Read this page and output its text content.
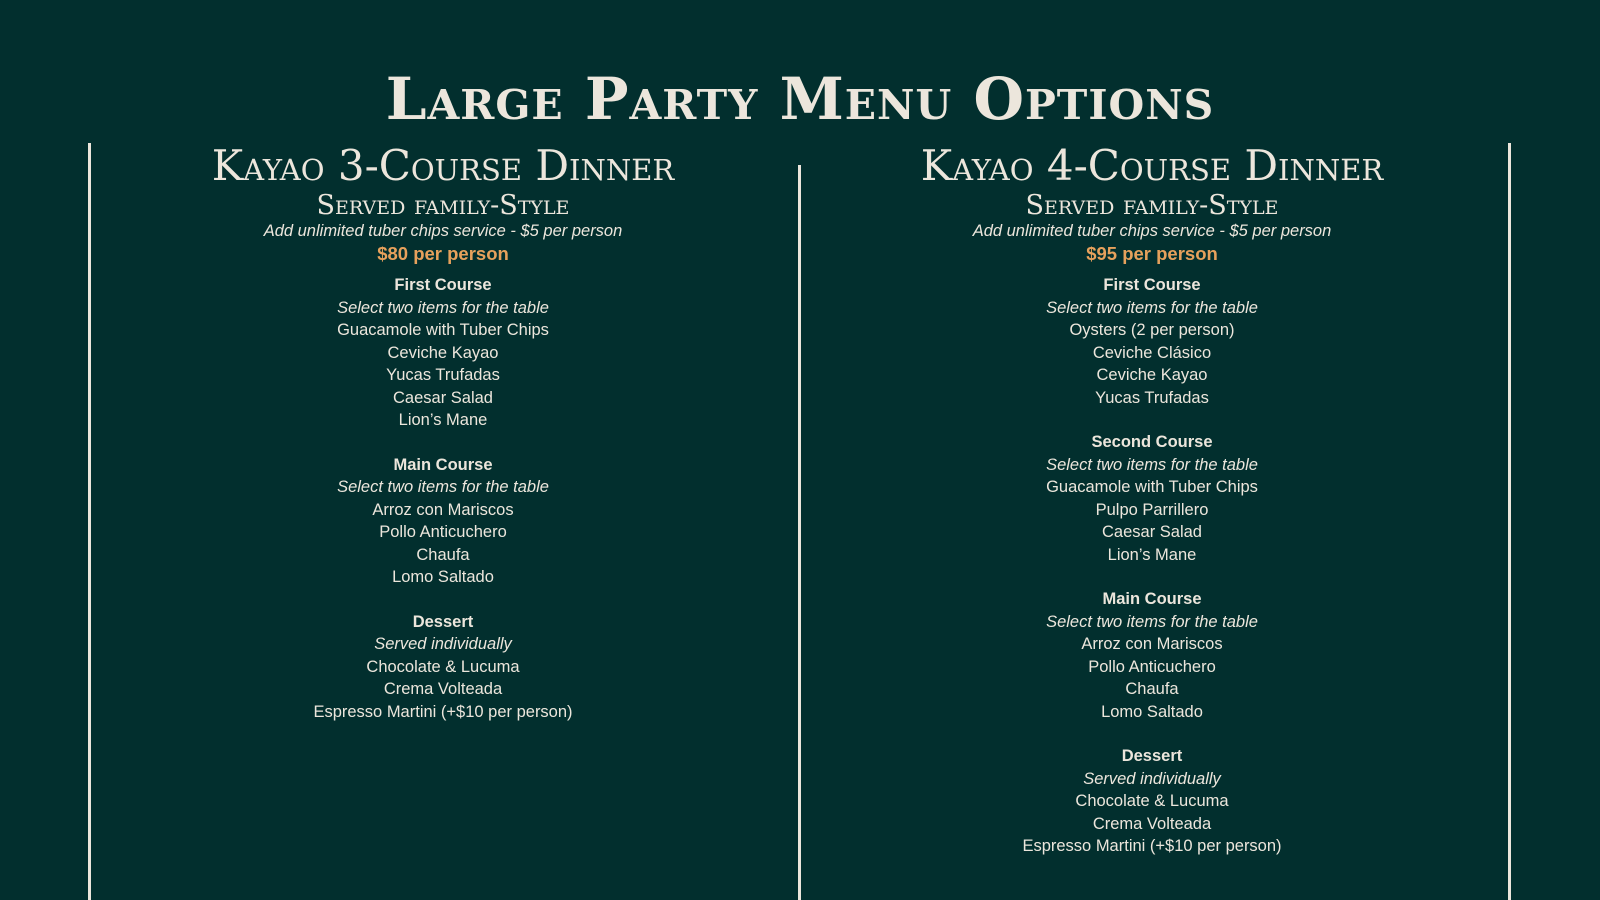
Large Party Menu Options
Kayao 3-Course Dinner
Served family-Style
Add unlimited tuber chips service - $5 per person
$80 per person
First Course
Select two items for the table
Guacamole with Tuber Chips
Ceviche Kayao
Yucas Trufadas
Caesar Salad
Lion’s Mane
Main Course
Select two items for the table
Arroz con Mariscos
Pollo Anticuchero
Chaufa
Lomo Saltado
Dessert
Served individually
Chocolate & Lucuma
Crema Volteada
Espresso Martini (+$10 per person)
Kayao 4-Course Dinner
Served family-Style
Add unlimited tuber chips service - $5 per person
$95 per person
First Course
Select two items for the table
Oysters (2 per person)
Ceviche Clásico
Ceviche Kayao
Yucas Trufadas
Second Course
Select two items for the table
Guacamole with Tuber Chips
Pulpo Parrillero
Caesar Salad
Lion’s Mane
Main Course
Select two items for the table
Arroz con Mariscos
Pollo Anticuchero
Chaufa
Lomo Saltado
Dessert
Served individually
Chocolate & Lucuma
Crema Volteada
Espresso Martini (+$10 per person)
